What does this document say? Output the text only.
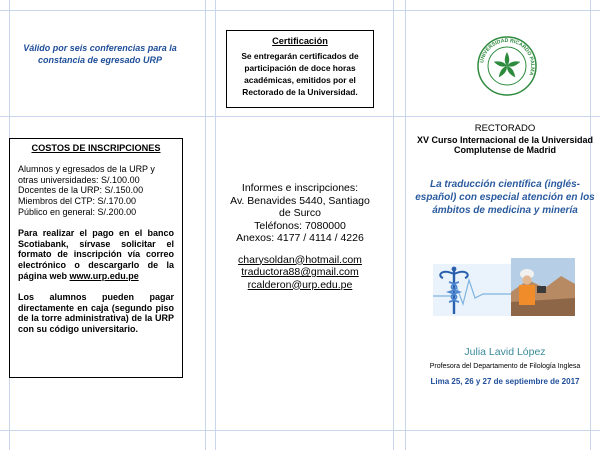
Válido por seis conferencias para la constancia de egresado URP
COSTOS DE INSCRIPCIONES
Alumnos y egresados de la URP y
otras universidades: S/.100.00
Docentes de la URP: S/.150.00
Miembros del CTP: S/.170.00
Público en general: S/.200.00
Para realizar el pago en el banco Scotiabank, sírvase solicitar el formato de inscripción vía correo electrónico o descargarlo de la página web www.urp.edu.pe
Los alumnos pueden pagar directamente en caja (segundo piso de la torre administrativa) de la URP con su código universitario.
Certificación
Se entregarán certificados de participación de doce horas académicas, emitidos por el Rectorado de la Universidad.
Informes e inscripciones:
Av. Benavides 5440, Santiago
de Surco
Teléfonos: 7080000
Anexos: 4177 / 4114 / 4226
charysoldan@hotmail.com
traductora88@gmail.com
rcalderon@urp.edu.pe
UNIVERSIDAD RICARDO PALMA
RECTORADO
XV Curso Internacional de la Universidad Complutense de Madrid
La traducción científica (inglés-español) con especial atención en los ámbitos de medicina y minería
Julia Lavid López
Profesora del Departamento de Filología Inglesa
Lima 25, 26 y 27 de septiembre de 2017
